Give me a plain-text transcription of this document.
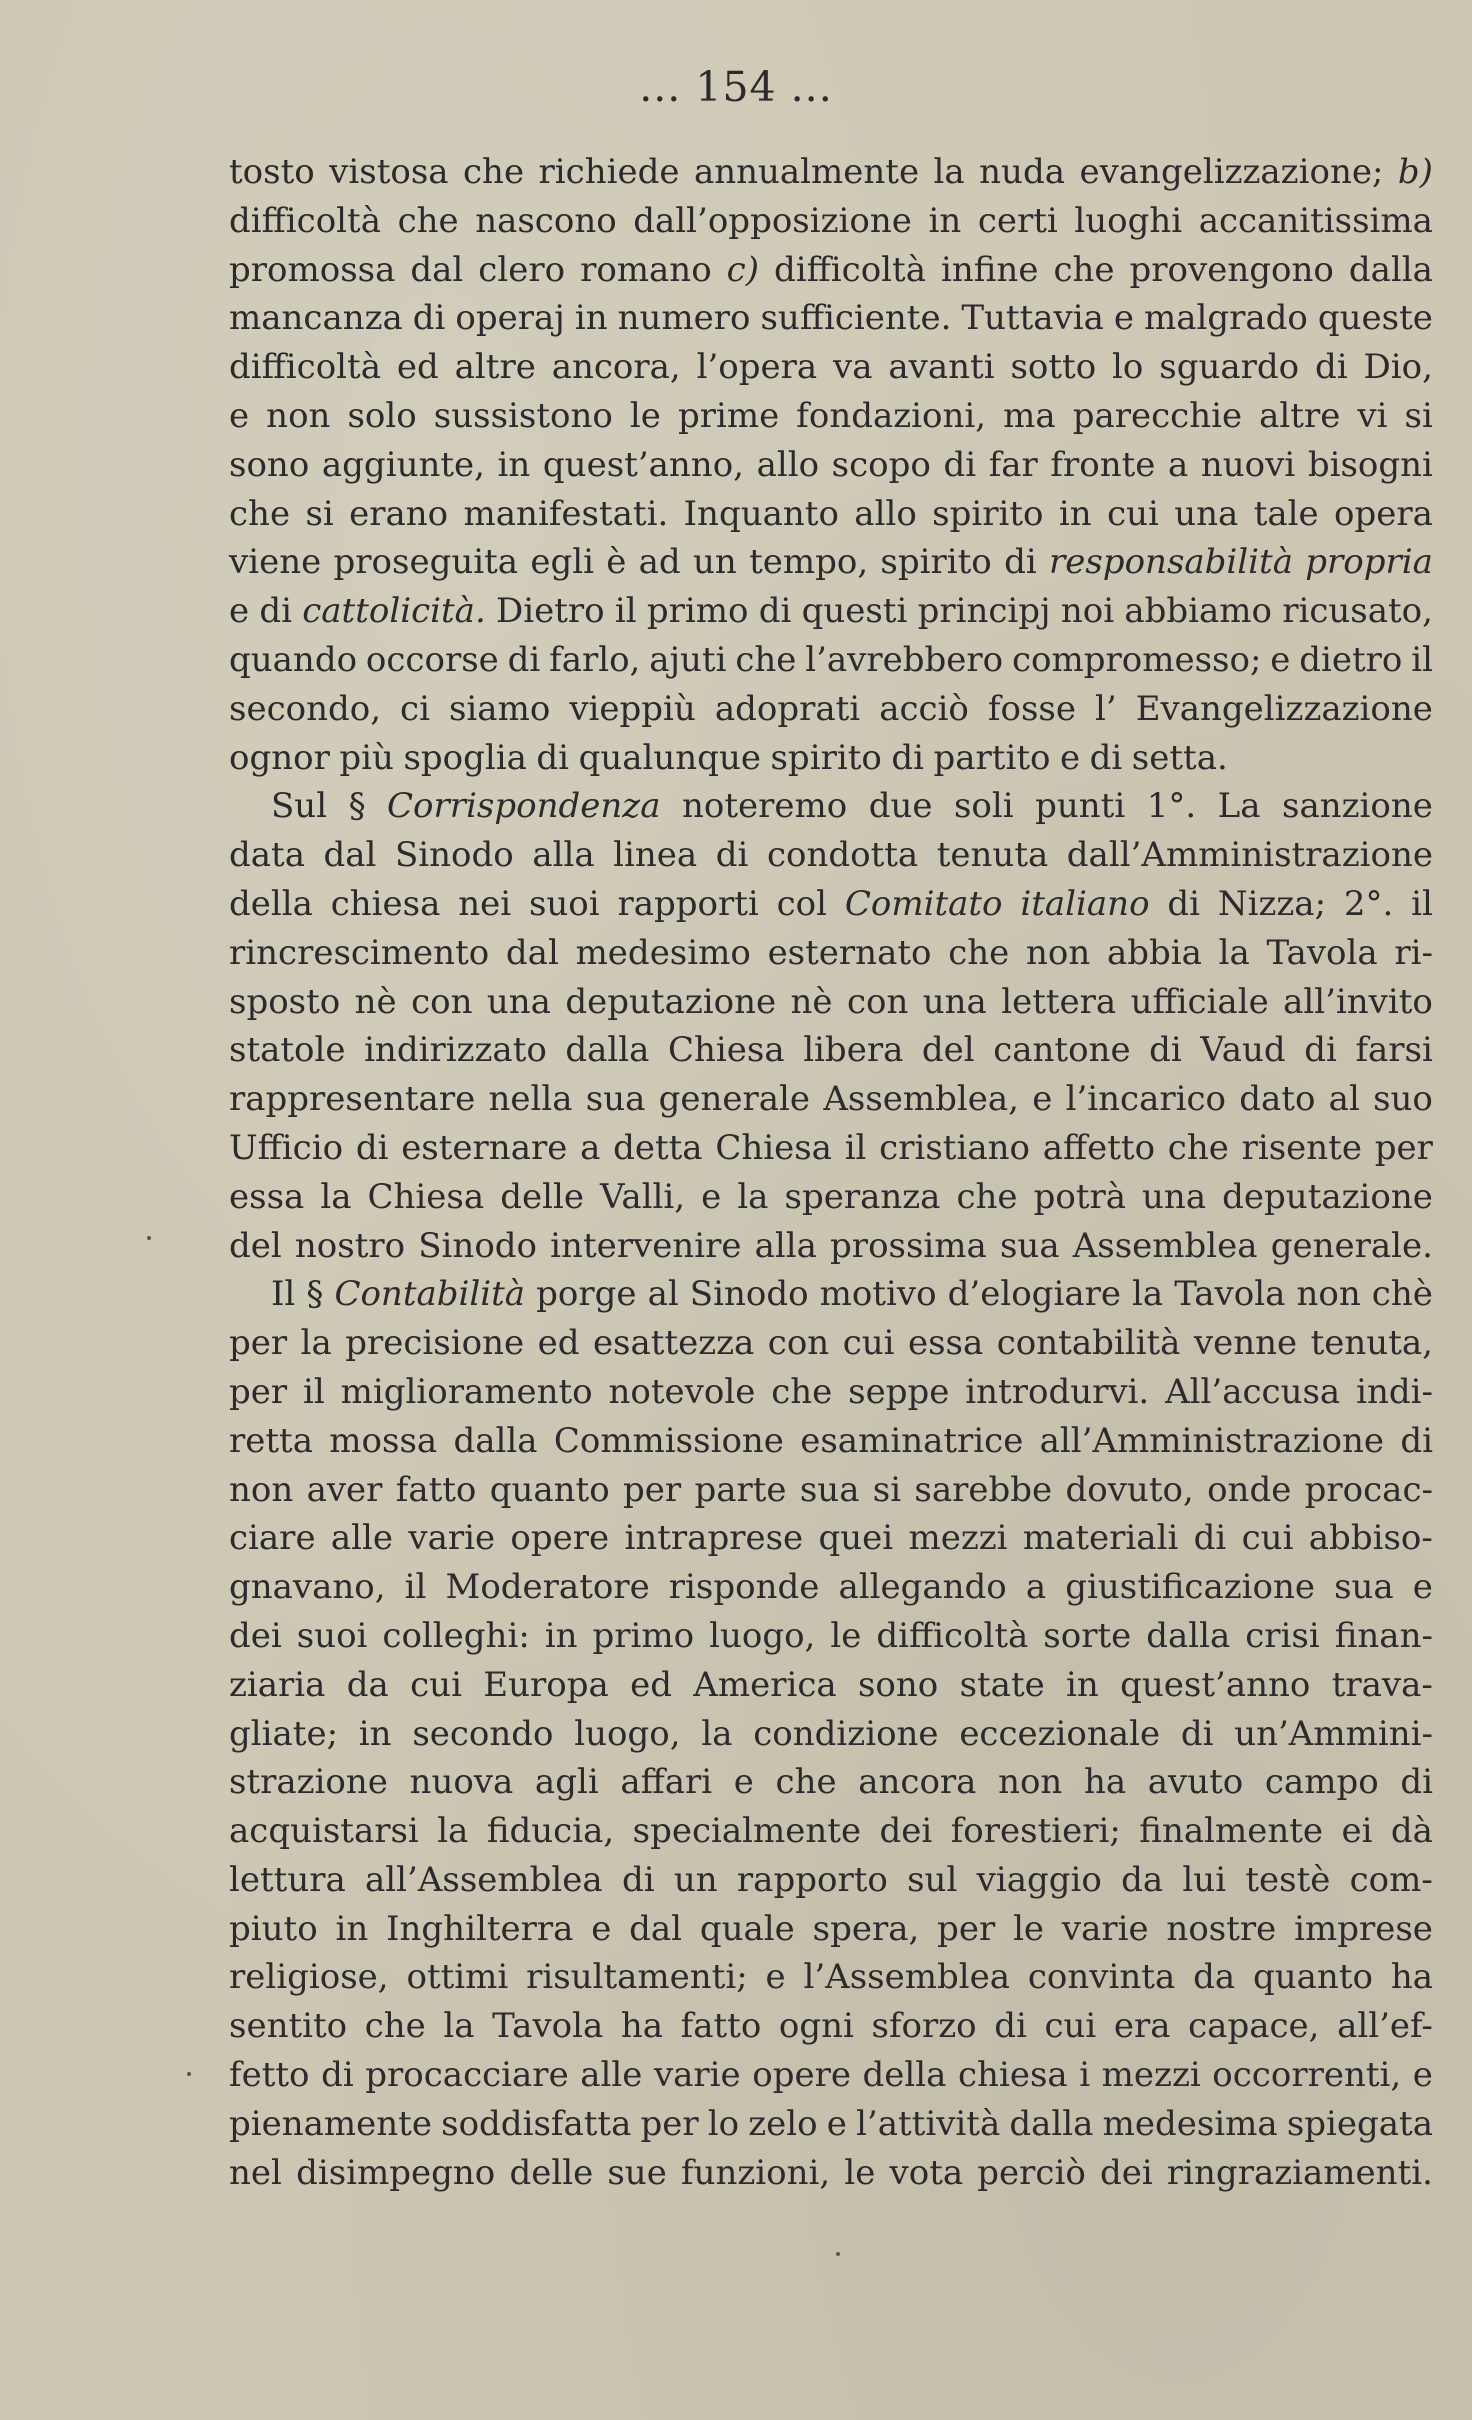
... 154 ...
tosto vistosa che richiede annualmente la nuda evangelizzazione; b)
difficoltà che nascono dall’opposizione in certi luoghi accanitissima
promossa dal clero romano c) difficoltà infine che provengono dalla
mancanza di operaj in numero sufficiente. Tuttavia e malgrado queste
difficoltà ed altre ancora, l’opera va avanti sotto lo sguardo di Dio,
e non solo sussistono le prime fondazioni, ma parecchie altre vi si
sono aggiunte, in quest’anno, allo scopo di far fronte a nuovi bisogni
che si erano manifestati. Inquanto allo spirito in cui una tale opera
viene proseguita egli è ad un tempo, spirito di responsabilità propria
e di cattolicità. Dietro il primo di questi principj noi abbiamo ricusato,
quando occorse di farlo, ajuti che l’avrebbero compromesso; e dietro il
secondo, ci siamo vieppiù adoprati acciò fosse l’ Evangelizzazione
ognor più spoglia di qualunque spirito di partito e di setta.
Sul § Corrispondenza noteremo due soli punti 1°. La sanzione
data dal Sinodo alla linea di condotta tenuta dall’Amministrazione
della chiesa nei suoi rapporti col Comitato italiano di Nizza; 2°. il
rincrescimento dal medesimo esternato che non abbia la Tavola ri-
sposto nè con una deputazione nè con una lettera ufficiale all’invito
statole indirizzato dalla Chiesa libera del cantone di Vaud di farsi
rappresentare nella sua generale Assemblea, e l’incarico dato al suo
Ufficio di esternare a detta Chiesa il cristiano affetto che risente per
essa la Chiesa delle Valli, e la speranza che potrà una deputazione
del nostro Sinodo intervenire alla prossima sua Assemblea generale.
Il § Contabilità porge al Sinodo motivo d’elogiare la Tavola non chè
per la precisione ed esattezza con cui essa contabilità venne tenuta,
per il miglioramento notevole che seppe introdurvi. All’accusa indi-
retta mossa dalla Commissione esaminatrice all’Amministrazione di
non aver fatto quanto per parte sua si sarebbe dovuto, onde procac-
ciare alle varie opere intraprese quei mezzi materiali di cui abbiso-
gnavano, il Moderatore risponde allegando a giustificazione sua e
dei suoi colleghi: in primo luogo, le difficoltà sorte dalla crisi finan-
ziaria da cui Europa ed America sono state in quest’anno trava-
gliate; in secondo luogo, la condizione eccezionale di un’Ammini-
strazione nuova agli affari e che ancora non ha avuto campo di
acquistarsi la fiducia, specialmente dei forestieri; finalmente ei dà
lettura all’Assemblea di un rapporto sul viaggio da lui testè com-
piuto in Inghilterra e dal quale spera, per le varie nostre imprese
religiose, ottimi risultamenti; e l’Assemblea convinta da quanto ha
sentito che la Tavola ha fatto ogni sforzo di cui era capace, all’ef-
fetto di procacciare alle varie opere della chiesa i mezzi occorrenti, e
pienamente soddisfatta per lo zelo e l’attività dalla medesima spiegata
nel disimpegno delle sue funzioni, le vota perciò dei ringraziamenti.
